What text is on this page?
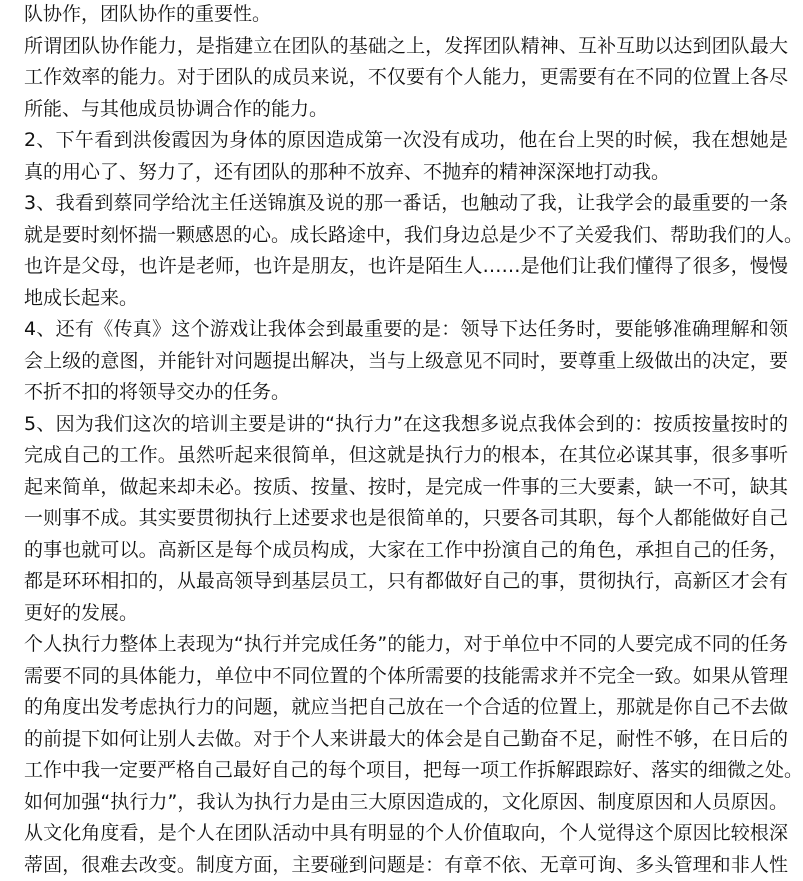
队协作，团队协作的重要性。
所谓团队协作能力，是指建立在团队的基础之上，发挥团队精神、互补互助以达到团队最大
工作效率的能力。对于团队的成员来说，不仅要有个人能力，更需要有在不同的位置上各尽
所能、与其他成员协调合作的能力。
2、下午看到洪俊霞因为身体的原因造成第一次没有成功，他在台上哭的时候，我在想她是
真的用心了、努力了，还有团队的那种不放弃、不抛弃的精神深深地打动我。
3、我看到蔡同学给沈主任送锦旗及说的那一番话，也触动了我，让我学会的最重要的一条
就是要时刻怀揣一颗感恩的心。成长路途中，我们身边总是少不了关爱我们、帮助我们的人。
也许是父母，也许是老师，也许是朋友，也许是陌生人……是他们让我们懂得了很多，慢慢
地成长起来。
4、还有《传真》这个游戏让我体会到最重要的是：领导下达任务时，要能够准确理解和领
会上级的意图，并能针对问题提出解决，当与上级意见不同时，要尊重上级做出的决定，要
不折不扣的将领导交办的任务。
5、因为我们这次的培训主要是讲的“执行力”在这我想多说点我体会到的：按质按量按时的
完成自己的工作。虽然听起来很简单，但这就是执行力的根本，在其位必谋其事，很多事听
起来简单，做起来却未必。按质、按量、按时，是完成一件事的三大要素，缺一不可，缺其
一则事不成。其实要贯彻执行上述要求也是很简单的，只要各司其职，每个人都能做好自己
的事也就可以。高新区是每个成员构成，大家在工作中扮演自己的角色，承担自己的任务，
都是环环相扣的，从最高领导到基层员工，只有都做好自己的事，贯彻执行，高新区才会有
更好的发展。
个人执行力整体上表现为“执行并完成任务”的能力，对于单位中不同的人要完成不同的任务
需要不同的具体能力，单位中不同位置的个体所需要的技能需求并不完全一致。如果从管理
的角度出发考虑执行力的问题，就应当把自己放在一个合适的位置上，那就是你自己不去做
的前提下如何让别人去做。对于个人来讲最大的体会是自己勤奋不足，耐性不够，在日后的
工作中我一定要严格自己最好自己的每个项目，把每一项工作拆解跟踪好、落实的细微之处。
如何加强“执行力”，我认为执行力是由三大原因造成的，文化原因、制度原因和人员原因。
从文化角度看，是个人在团队活动中具有明显的个人价值取向，个人觉得这个原因比较根深
蒂固，很难去改变。制度方面，主要碰到问题是：有章不依、无章可询、多头管理和非人性
